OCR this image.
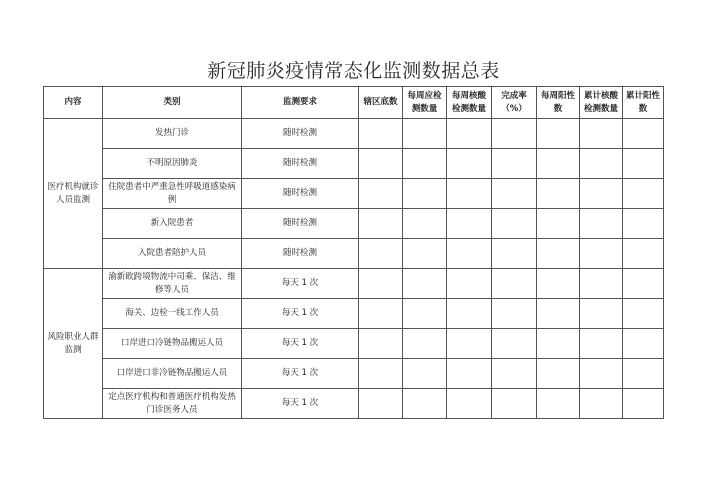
新冠肺炎疫情常态化监测数据总表
内容	类别	监测要求	辖区底数	每周应检测数量	每周核酸检测数量	完成率（%）	每周阳性数	累计核酸检测数量	累计阳性数
医疗机构就诊人员监测	发热门诊	随时检测							
	不明原因肺炎	随时检测							
	住院患者中严重急性呼吸道感染病例	随时检测							
	新入院患者	随时检测							
	入院患者陪护人员	随时检测							
风险职业人群监测	渝新欧跨境物流中司乘、保洁、维修等人员	每天 1 次							
	海关、边检一线工作人员	每天 1 次							
	口岸进口冷链物品搬运人员	每天 1 次							
	口岸进口非冷链物品搬运人员	每天 1 次							
	定点医疗机构和普通医疗机构发热门诊医务人员	每天 1 次							
